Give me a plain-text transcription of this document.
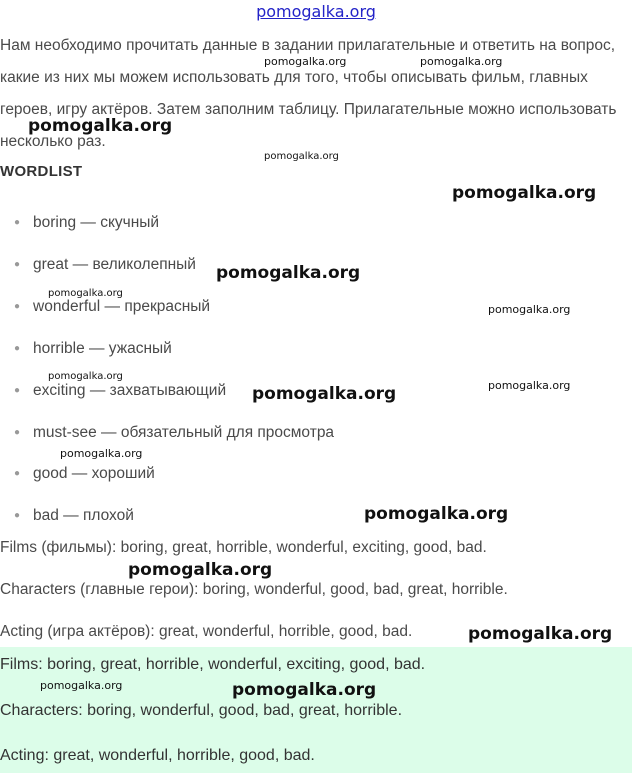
pomogalka.org

Нам необходимо прочитать данные в задании прилагательные и ответить на вопрос, какие из них мы можем использовать для того, чтобы описывать фильм, главных героев, игру актёров. Затем заполним таблицу. Прилагательные можно использовать несколько раз.

WORDLIST
● boring — скучный
● great — великолепный
● wonderful — прекрасный
● horrible — ужасный
● exciting — захватывающий
● must-see — обязательный для просмотра
● good — хороший
● bad — плохой
Films (фильмы): boring, great, horrible, wonderful, exciting, good, bad.
Characters (главные герои): boring, wonderful, good, bad, great, horrible.
Acting (игра актёров): great, wonderful, horrible, good, bad.
Films: boring, great, horrible, wonderful, exciting, good, bad.
Characters: boring, wonderful, good, bad, great, horrible.
Acting: great, wonderful, horrible, good, bad.
pomogalka.org	pomogalka.org
pomogalka.org
pomogalka.org
pomogalka.org
pomogalka.org
pomogalka.org
pomogalka.org
pomogalka.org
pomogalka.org
pomogalka.org
pomogalka.org
pomogalka.org
pomogalka.org
pomogalka.org
pomogalka.org	pomogalka.org
